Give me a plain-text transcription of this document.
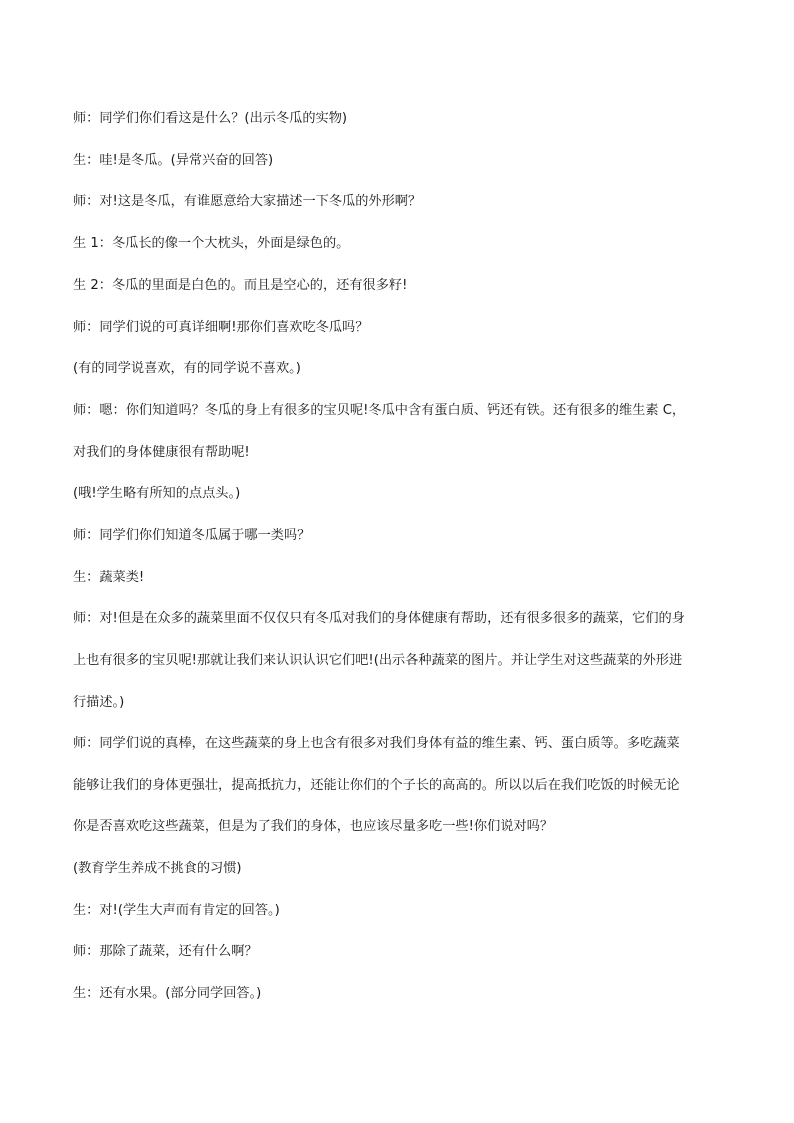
师：同学们你们看这是什么？(出示冬瓜的实物)
生：哇!是冬瓜。(异常兴奋的回答)
师：对!这是冬瓜，有谁愿意给大家描述一下冬瓜的外形啊？
生 1：冬瓜长的像一个大枕头，外面是绿色的。
生 2：冬瓜的里面是白色的。而且是空心的，还有很多籽!
师：同学们说的可真详细啊!那你们喜欢吃冬瓜吗？
(有的同学说喜欢，有的同学说不喜欢。)
师：嗯：你们知道吗？冬瓜的身上有很多的宝贝呢!冬瓜中含有蛋白质、钙还有铁。还有很多的维生素 C，
对我们的身体健康很有帮助呢!
(哦!学生略有所知的点点头。)
师：同学们你们知道冬瓜属于哪一类吗？
生：蔬菜类!
师：对!但是在众多的蔬菜里面不仅仅只有冬瓜对我们的身体健康有帮助，还有很多很多的蔬菜，它们的身
上也有很多的宝贝呢!那就让我们来认识认识它们吧!(出示各种蔬菜的图片。并让学生对这些蔬菜的外形进
行描述。)
师：同学们说的真棒，在这些蔬菜的身上也含有很多对我们身体有益的维生素、钙、蛋白质等。多吃蔬菜
能够让我们的身体更强壮，提高抵抗力，还能让你们的个子长的高高的。所以以后在我们吃饭的时候无论
你是否喜欢吃这些蔬菜，但是为了我们的身体，也应该尽量多吃一些!你们说对吗？
(教育学生养成不挑食的习惯)
生：对!(学生大声而有肯定的回答。)
师：那除了蔬菜，还有什么啊？
生：还有水果。(部分同学回答。)
